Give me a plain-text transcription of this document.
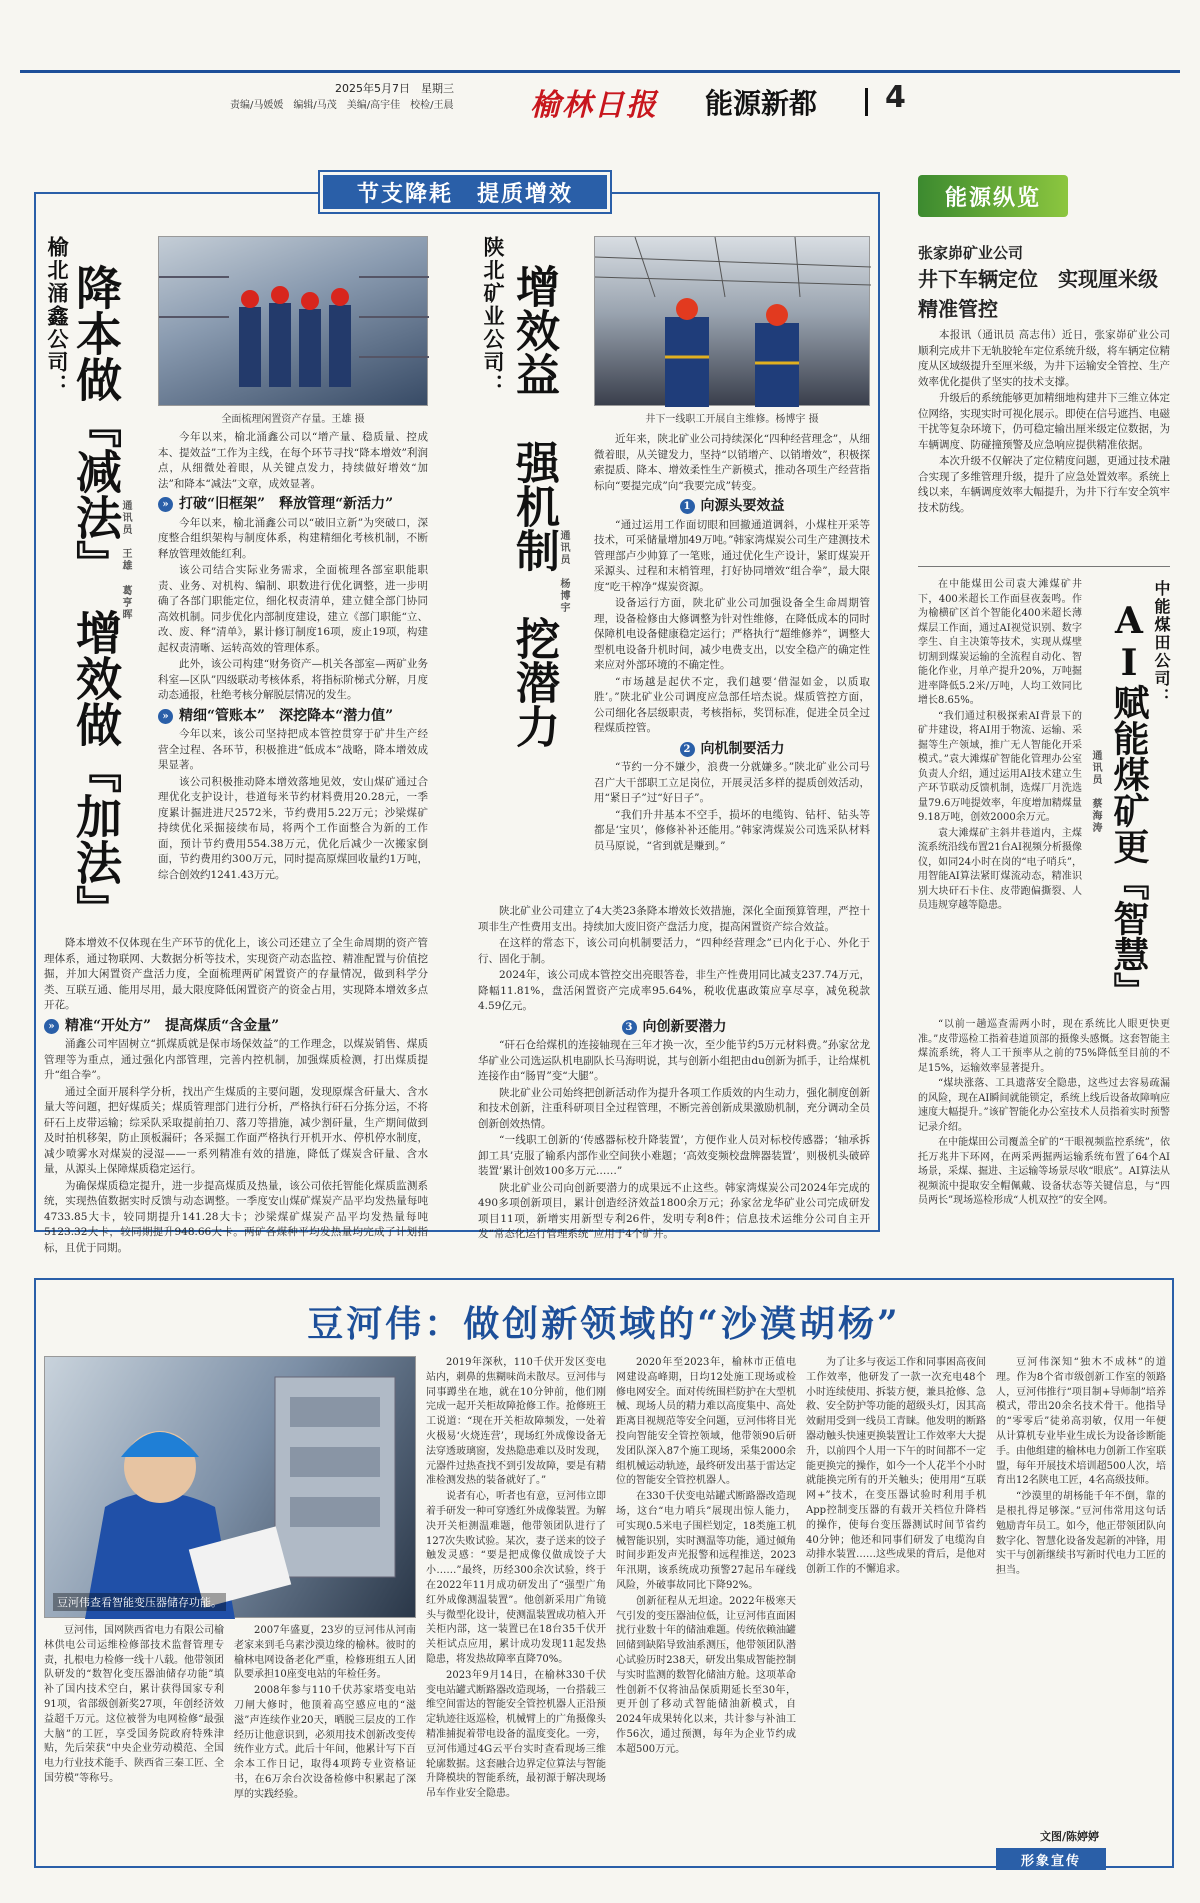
2025年5月7日　 星期三
责编/马媛媛　编辑/马茂　美编/高宇佳　校检/王晨	榆林日报 能源新都 4
节支降耗　提质增效
榆北涌鑫公司： 降本做『减法』　增效做『加法』
通讯员　王雄 葛亨晖
全面梳理闲置资产存量。王雄 摄

今年以来，榆北涌鑫公司以“增产量、稳质量、控成本、提效益”工作为主线，在每个环节寻找“降本增效”利润点，从细微处着眼，从关键点发力，持续做好增效“加法”和降本“减法”文章，成效显著。

» 打破“旧框架”　释放管理“新活力”

今年以来，榆北涌鑫公司以“破旧立新”为突破口，深度整合组织架构与制度体系，构建精细化考核机制，不断释放管理效能红利。

该公司结合实际业务需求，全面梳理各部室职能职责、业务、对机构、编制、职数进行优化调整，进一步明确了各部门职能定位，细化权责清单，建立健全部门协同高效机制。同步优化内部制度建设，建立《部门职能“立、改、废、释”清单》，累计修订制度16项，废止19项，构建起权责清晰、运转高效的管理体系。

此外，该公司构建“财务资产—机关各部室—两矿业务科室—区队”四级联动考核体系，将指标阶梯式分解，月度动态通报，杜绝考核分解脱层情况的发生。

» 精细“管账本”　深挖降本“潜力值”

今年以来，该公司坚持把成本管控贯穿于矿井生产经营全过程、各环节，积极推进“低成本”战略，降本增效成果显著。

该公司积极推动降本增效落地见效，安山煤矿通过合理优化支护设计，巷道每米节约材料费用20.28元，一季度累计掘进进尺2572米，节约费用5.22万元；沙梁煤矿持续优化采掘接续布局，将两个工作面整合为新的工作面，预计节约费用554.38万元，优化后减少一次搬家倒面，节约费用约300万元，同时提高原煤回收量约1万吨，综合创效约1241.43万元。

降本增效不仅体现在生产环节的优化上，该公司还建立了全生命周期的资产管理体系，通过物联网、大数据分析等技术，实现资产动态监控、精准配置与价值挖掘，并加大闲置资产盘活力度，全面梳理两矿闲置资产的存量情况，做到科学分类、互联互通、能用尽用，最大限度降低闲置资产的资金占用，实现降本增效多点开花。

» 精准“开处方”　提高煤质“含金量”

涌鑫公司牢固树立“抓煤质就是保市场保效益”的工作理念，以煤炭销售、煤质管理等为重点，通过强化内部管理，完善内控机制，加强煤质检测，打出煤质提升“组合拳”。

通过全面开展科学分析，找出产生煤质的主要问题，发现原煤含矸量大、含水量大等问题，把好煤质关；煤质管理部门进行分析，严格执行矸石分拣分运，不将矸石上皮带运输；综采队采取提前拍刀、落刀等措施，减少割矸量，生产期间做到及时拍机移架，防止顶板漏矸；各采掘工作面严格执行开机开水、停机停水制度，减少喷雾水对煤炭的浸湿——一系列精准有效的措施，降低了煤炭含矸量、含水量，从源头上保障煤质稳定运行。

为确保煤质稳定提升，进一步提高煤质及热量，该公司依托智能化煤质监测系统，实现热值数据实时反馈与动态调整。一季度安山煤矿煤炭产品平均发热量每吨4733.85大卡，较同期提升141.28大卡；沙梁煤矿煤炭产品平均发热量每吨5123.32大卡，较同期提升948.66大卡。两矿各煤种平均发热量均完成了计划指标，且优于同期。

陕北矿业公司： 增效益　强机制　挖潜力 通讯员　杨博宇
井下一线职工开展自主维修。杨博宇 摄

近年来，陕北矿业公司持续深化“四种经营理念”，从细微着眼，从关键发力，坚持“以销增产、以销增效”，积极探索提质、降本、增效柔性生产新模式，推动各项生产经营指标向“要提完成”向“我要完成”转变。

1 向源头要效益

“通过运用工作面切眼和回撤通道调斜，小煤柱开采等技术，可采储量增加49万吨。”韩家湾煤炭公司生产建测技术管理部卢少帅算了一笔账，通过优化生产设计，紧盯煤炭开采源头、过程和末梢管理，打好协同增效“组合拳”，最大限度“吃干榨净”煤炭资源。

设备运行方面，陕北矿业公司加强设备全生命周期管理，设备检修由大修调整为针对性维修，在降低成本的同时保障机电设备健康稳定运行；严格执行“超维修养”，调整大型机电设备升机时间，减少电费支出，以安全稳产的确定性来应对外部环境的不确定性。

“市场越是起伏不定，我们越要‘借湿如金，以质取胜’。”陕北矿业公司调度应急部任培杰说。煤质管控方面，公司细化各层级职责，考核指标，奖罚标准，促进全员全过程煤质控管。

2 向机制要活力

“节约一分不嫌少，浪费一分就嫌多。”陕北矿业公司号召广大干部职工立足岗位，开展灵活多样的提质创效活动，用“紧日子”过“好日子”。

“我们升井基本不空手，损坏的电缆钩、钻杆、钻头等都是‘宝贝’，修修补补还能用。”韩家湾煤炭公司选采队材料员马原说，“省到就是赚到。”

陕北矿业公司建立了4大类23条降本增效长效措施，深化全面预算管理，严控十项非生产性费用支出。持续加大废旧资产盘活力度，提高闲置资产综合效益。

在这样的常态下，该公司向机制要活力，“四种经营理念”已内化于心、外化于行、固化于制。

2024年，该公司成本管控交出亮眼答卷，非生产性费用同比减支237.74万元，降幅11.81%，盘活闲置资产完成率95.64%，税收优惠政策应享尽享，减免税款4.59亿元。

3 向创新要潜力

“矸石仓给煤机的连接轴现在三年才换一次，至少能节约5万元材料费。”孙家岔龙华矿业公司选运队机电副队长马海明说，其与创新小组把由du创新为抓手，让给煤机连接作由“肠胃”变“大腿”。

陕北矿业公司始终把创新活动作为提升各项工作质效的内生动力，强化制度创新和技术创新，注重科研项目全过程管理，不断完善创新成果激励机制，充分调动全员创新创效热情。

“一线职工创新的‘传感器标校升降装置’，方便作业人员对标校传感器；‘轴承拆卸工具’克服了输系内部作业空间狭小难题；‘高效变频校盘牌器装置’，则极机头破碎装置’累计创效100多万元……”

陕北矿业公司向创新要潜力的成果远不止这些。韩家湾煤炭公司2024年完成的490多项创新项目，累计创造经济效益1800余万元；孙家岔龙华矿业公司完成研发项目11项，新增实用新型专利26件，发明专利8件；信息技术运维分公司自主开发“常态化运行管理系统”应用于4个矿井。

能源纵览
张家峁矿业公司
井下车辆定位　实现厘米级精准管控

本报讯（通讯员 高志伟）近日，张家峁矿业公司顺利完成井下无轨胶轮车定位系统升级，将车辆定位精度从区域级提升至厘米级，为井下运输安全管控、生产效率优化提供了坚实的技术支撑。

升级后的系统能够更加精细地构建井下三维立体定位网络，实现实时可视化展示。即使在信号遮挡、电磁干扰等复杂环境下，仍可稳定输出厘米级定位数据，为车辆调度、防碰撞预警及应急响应提供精准依据。

本次升级不仅解决了定位精度问题，更通过技术融合实现了多维管理升级，提升了应急处置效率。系统上线以来，车辆调度效率大幅提升，为井下行车安全筑牢技术防线。

中能煤田公司：
AI赋能煤矿更『智慧』
通讯员　蔡海涛

在中能煤田公司袁大滩煤矿井下，400米超长工作面昼夜轰鸣。作为榆横矿区首个智能化400米超长薄煤层工作面，通过AI视觉识别、数字孪生、自主决策等技术，实现从煤壁切割到煤炭运输的全流程自动化、智能化作业，月单产提升20%，万吨掘进率降低5.2米/万吨，人均工效同比增长8.65%。

“我们通过积极探索AI背景下的矿井建设，将AI用于物流、运输、采掘等生产领域，推广无人智能化开采模式。”袁大滩煤矿智能化管理办公室负责人介绍，通过运用AI技术建立生产环节联动反馈机制，选煤厂月洗选量79.6万吨提效率，年度增加精煤量9.18万吨，创效2000余万元。

袁大滩煤矿主斜井巷道内，主煤流系统沿线布置21台AI视频分析摄像仪，如同24小时在岗的“电子哨兵”，用智能AI算法紧盯煤流动态，精准识别大块矸石卡住、皮带跑偏撕裂、人员违规穿越等隐患。

“以前一趟巡查需两小时，现在系统比人眼更快更准。”皮带巡检工指着巷道顶部的摄像头感慨。这套智能主煤流系统，将人工干预率从之前的75%降低至目前的不足15%，运输效率显著提升。

“煤块涨落、工具遗落安全隐患，这些过去容易疏漏的风险，现在AI瞬间就能锁定，系统上线后设备故障响应速度大幅提升。”该矿智能化办公室技术人员指着实时预警记录介绍。

在中能煤田公司覆盖全矿的“干眼视频监控系统”，依托万兆井下环网，在两采两掘两运输系统布置了64个AI场景，采煤、掘进、主运输等场景尽收“眼底”。AI算法从视频流中提取安全帽佩戴、设备状态等关键信息，与“四员两长”现场巡检形成“人机双控”的安全网。

豆河伟：做创新领域的“沙漠胡杨”
豆河伟查看智能变压器储存功能。

豆河伟，国网陕西省电力有限公司榆林供电公司运维检修部技术监督管理专责，扎根电力检修一线十八载。他带领团队研发的“数智化变压器油储存功能”填补了国内技术空白，累计获得国家专利91项，省部级创新奖27项，年创经济效益超千万元。这位被誉为电网检修“最强大脑”的工匠，享受国务院政府特殊津贴，先后荣获“中央企业劳动模范、全国电力行业技术能手、陕西省三秦工匠、全国劳模”等称号。

2007年盛夏，23岁的豆河伟从河南老家来到毛乌素沙漠边缘的榆林。彼时的榆林电网设备老化严重，检修班组五人团队要承担10座变电站的年检任务。

2008年参与110千伏苏家塔变电站刀闸大修时，他顶着高空感应电的“滋滋”声连续作业20天，晒脱三层皮的工作经历让他意识到，必须用技术创新改变传统作业方式。此后十年间，他累计写下百余本工作日记，取得4项跨专业资格证书，在6万余台次设备检修中积累起了深厚的实践经验。

2019年深秋，110千伏开发区变电站内，刺鼻的焦糊味尚未散尽。豆河伟与同事蹲坐在地，就在10分钟前，他们刚完成一起开关柜故障抢修工作。抢修班王工说道：“现在开关柜故障频发，一处着火极易‘火烧连营’，现场红外成像设备无法穿透玻璃窗，发热隐患难以及时发现，元器件过热查找不到引发故障，要是有精准检测发热的装备就好了。”

说者有心，听者也有意，豆河伟立即着手研发一种可穿透红外成像装置。为解决开关柜测温难题，他带领团队进行了127次失败试验。某次，妻子送来的饺子触发灵感：“要是把成像仪做成饺子大小……”最终，历经300余次试验，终于在2022年11月成功研发出了“强型广角红外成像测温装置”。他创新采用广角镜头与微型化设计，使测温装置成功植入开关柜内部，这一装置已在18台35千伏开关柜试点应用，累计成功发现11起发热隐患，将发热故障率直降70%。

2023年9月14日，在榆林330千伏变电站罐式断路器改造现场，一台搭载三维空间雷达的智能安全管控机器人正沿预定轨迹往返巡检，机械臂上的广角摄像头精准捕捉着带电设备的温度变化。一旁，豆河伟通过4G云平台实时查看现场三维轮廓数据。这套融合边界定位算法与智能升降模块的智能系统，最初源于解决现场吊车作业安全隐患。

2020年至2023年，榆林市正值电网建设高峰期，日均12处施工现场或检修电网安全。面对传统围栏防护在大型机械、现场人员的精力难以高度集中、高处距离目视规范等安全问题，豆河伟将目光投向智能安全管控领域，他带领90后研发团队深入87个施工现场，采集2000余组机械运动轨迹，最终研发出基于雷达定位的智能安全管控机器人。

在330千伏变电站罐式断路器改造现场，这台“电力哨兵”展现出惊人能力，可实现0.5米电子围栏划定，18类施工机械智能识别，实时测温等功能，通过倾角时间步距发声光报警和远程推送，2023年汛期，该系统成功预警27起吊车碰线风险，外破事故同比下降92%。

创新征程从无坦途。2022年极寒天气引发的变压器油位低，让豆河伟直面困扰行业数十年的储油难题。传统依赖油罐回储到缺陷导致油系测压，他带领团队潜心试验历时238天，研发出集成智能控制与实时监测的数智化储油方舱。这项革命性创新不仅将油品保质期延长至30年，更开创了移动式智能储油新模式，自2024年成果转化以来，共计参与补油工作56次，通过预测，每年为企业节约成本超500万元。

为了让多与夜运工作和同事困高夜间工作效率，他研发了一款一次充电48个小时连续使用、拆装方便，兼具抢修、急救、安全防护等功能的超级头灯，因其高效耐用受到一线员工青睐。他发明的断路器动触头快速更换装置让工作效率大大提升，以前四个人用一下午的时间都不一定能更换完的操作，如今一个人花半个小时就能换完所有的开关触头；使用用“互联网+”技术，在变压器试验时利用手机App控制变压器的有载开关档位升降档的操作，使每台变压器测试时间节省约40分钟；他还和同事们研发了电缆沟自动排水装置……这些成果的背后，是他对创新工作的不懈追求。

豆河伟深知“独木不成林”的道理。作为8个省市级创新工作室的领路人，豆河伟推行“项目制+导师制”培养模式，带出20余名技术骨干。他指导的“零零后”徒弟高羽敏，仅用一年便从计算机专业毕业生成长为设备诊断能手。由他组建的榆林电力创新工作室联盟，每年开展技术培训超500人次，培育出12名陕电工匠，4名高级技师。

“沙漠里的胡杨能千年不倒，靠的是根扎得足够深。”豆河伟常用这句话勉励青年员工。如今，他正带领团队向数字化、智慧化设备发起新的冲锋，用实干与创新继续书写新时代电力工匠的担当。

文图/陈婷婷
形象宣传
